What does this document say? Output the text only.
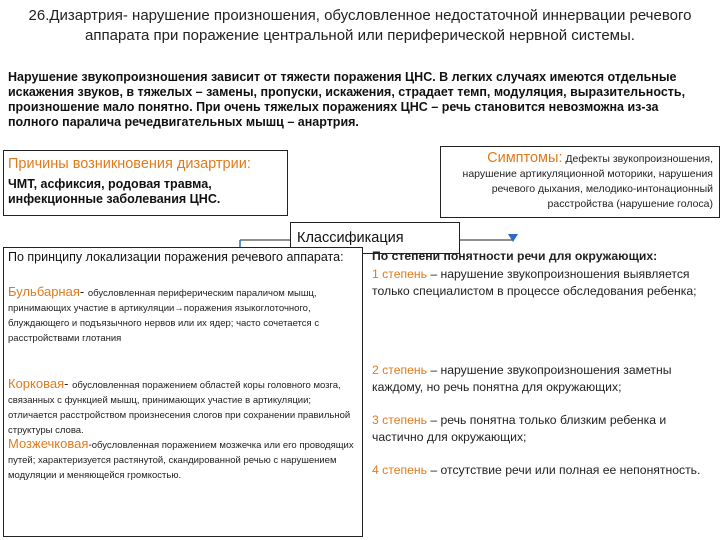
26.Дизартрия- нарушение произношения, обусловленное недостаточной иннервации речевого аппарата при поражение центральной или периферической нервной системы.
Нарушение звукопроизношения зависит от тяжести поражения ЦНС. В легких случаях имеются отдельные искажения звуков, в тяжелых – замены, пропуски, искажения, страдает темп, модуляция, выразительность, произношение мало понятно. При очень тяжелых поражениях ЦНС – речь становится невозможна из-за полного паралича речедвигательных мышц – анартрия.
Причины возникновения дизартрии:
ЧМТ, асфиксия, родовая травма, инфекционные заболевания ЦНС.
Симптомы: Дефекты звукопроизношения, нарушение артикуляционной моторики, нарушения речевого дыхания, мелодико-интонационный расстройства (нарушение голоса)
Классификация
По принципу локализации поражения речевого аппарата:
Бульбарная- обусловленная периферическим параличом мышц, принимающих участие в артикуляции→поражения языкоглоточного, блуждающего и подъязычного нервов или их ядер; часто сочетается с расстройствами глотания
Корковая- обусловленная поражением областей коры головного мозга, связанных с функцией мышц, принимающих участие в артикуляции; отличается расстройством произнесения слогов при сохранении правильной структуры слова.
Мозжечковая-обусловленная поражением мозжечка или его проводящих путей; характеризуется растянутой, скандированной речью с нарушением модуляции и меняющейся громкостью.
По степени понятности речи для окружающих:
1 степень – нарушение звукопроизношения выявляется только специалистом в процессе обследования ребенка;
2 степень – нарушение звукопроизношения заметны каждому, но речь понятна для окружающих;
3 степень – речь понятна только близким ребенка и частично для окружающих;
4 степень – отсутствие речи или полная ее непонятность.
